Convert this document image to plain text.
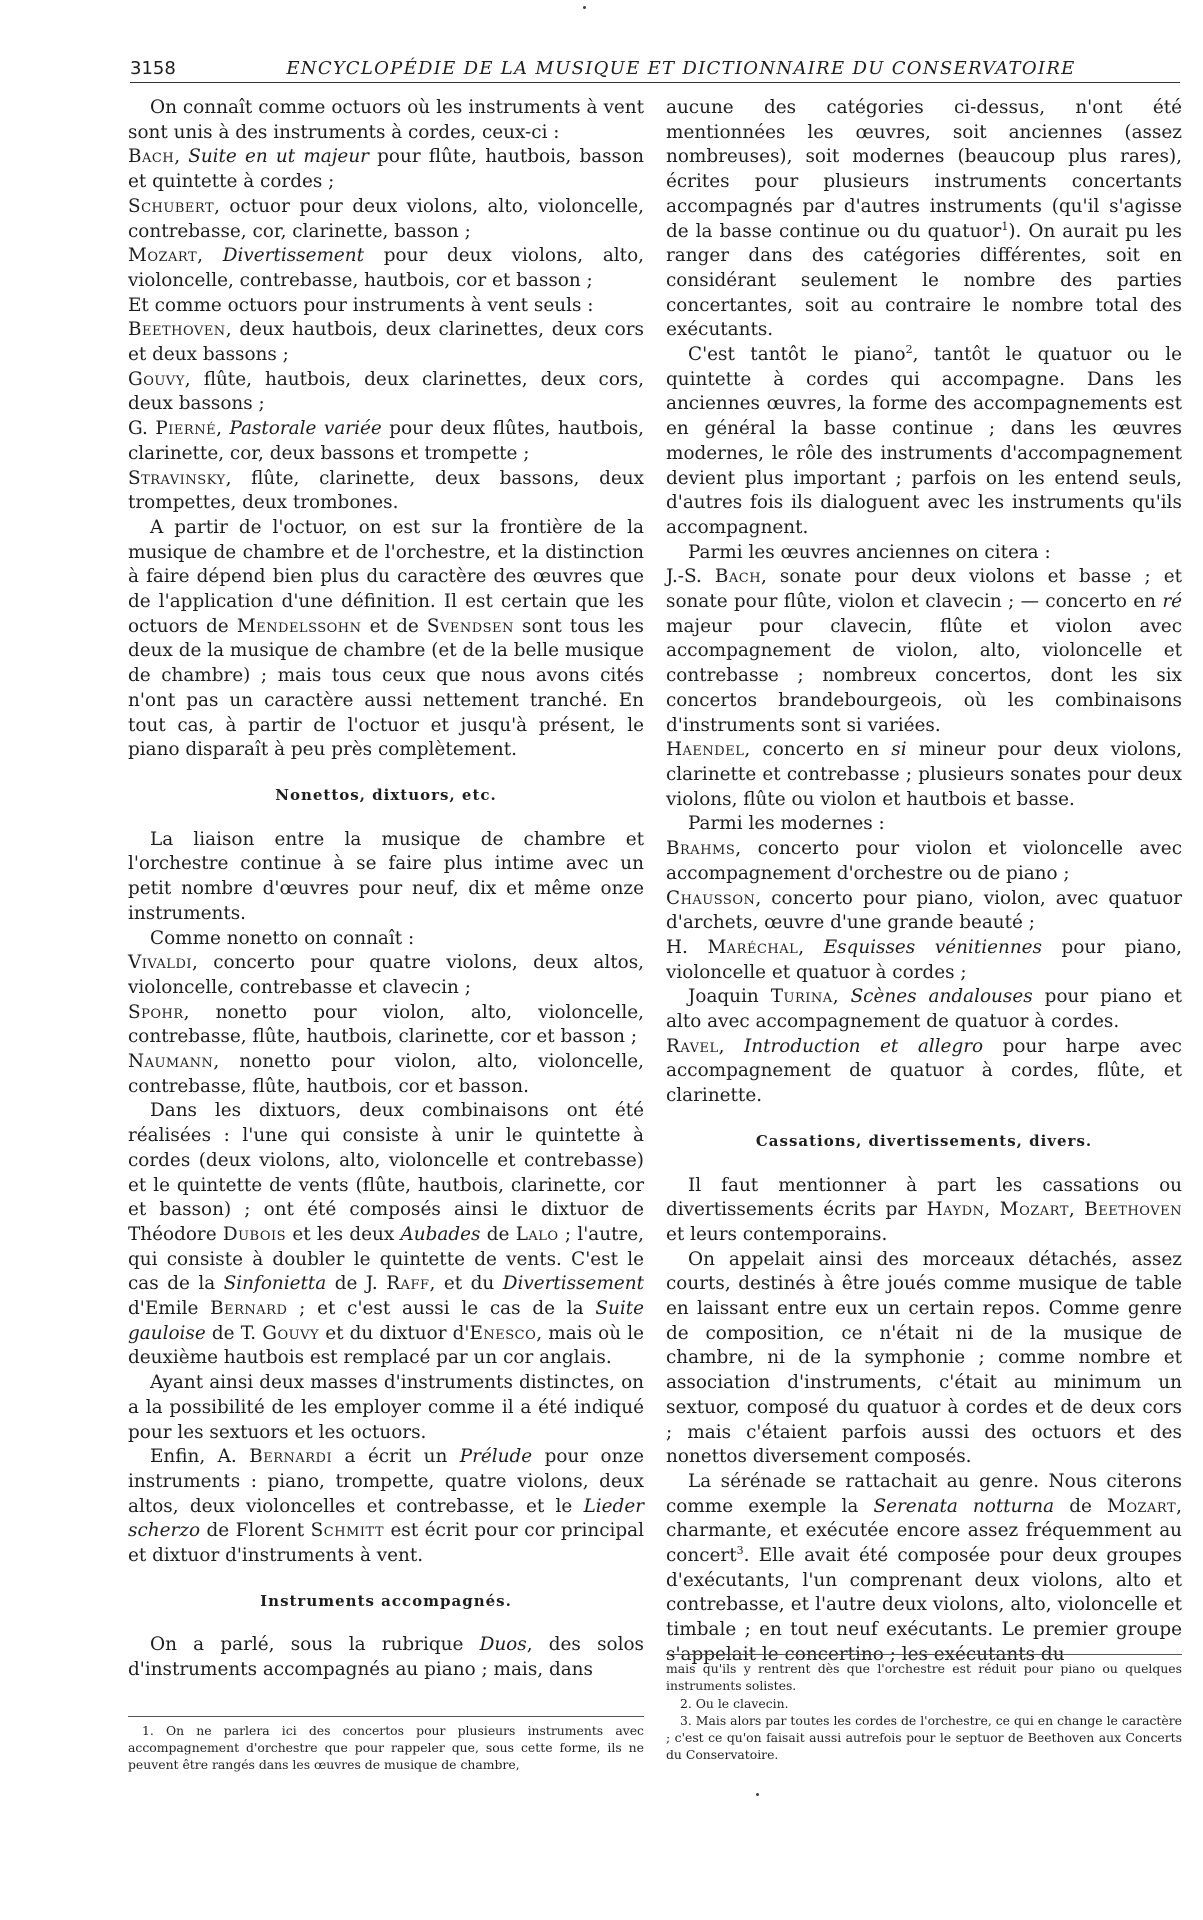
3158	ENCYCLOPÉDIE DE LA MUSIQUE ET DICTIONNAIRE DU CONSERVATOIRE

On connaît comme octuors où les instruments à vent sont unis à des instruments à cordes, ceux-ci :

Bach, Suite en ut majeur pour flûte, hautbois, basson et quintette à cordes ;

Schubert, octuor pour deux violons, alto, violoncelle, contrebasse, cor, clarinette, basson ;

Mozart, Divertissement pour deux violons, alto, violoncelle, contrebasse, hautbois, cor et basson ;

Et comme octuors pour instruments à vent seuls :

Beethoven, deux hautbois, deux clarinettes, deux cors et deux bassons ;

Gouvy, flûte, hautbois, deux clarinettes, deux cors, deux bassons ;

G. Pierné, Pastorale variée pour deux flûtes, hautbois, clarinette, cor, deux bassons et trompette ;

Stravinsky, flûte, clarinette, deux bassons, deux trompettes, deux trombones.

A partir de l'octuor, on est sur la frontière de la musique de chambre et de l'orchestre, et la distinction à faire dépend bien plus du caractère des œuvres que de l'application d'une définition. Il est certain que les octuors de Mendelssohn et de Svendsen sont tous les deux de la musique de chambre (et de la belle musique de chambre) ; mais tous ceux que nous avons cités n'ont pas un caractère aussi nettement tranché. En tout cas, à partir de l'octuor et jusqu'à présent, le piano disparaît à peu près complètement.

Nonettos, dixtuors, etc.

La liaison entre la musique de chambre et l'orchestre continue à se faire plus intime avec un petit nombre d'œuvres pour neuf, dix et même onze instruments.

Comme nonetto on connaît :

Vivaldi, concerto pour quatre violons, deux altos, violoncelle, contrebasse et clavecin ;

Spohr, nonetto pour violon, alto, violoncelle, contrebasse, flûte, hautbois, clarinette, cor et basson ;

Naumann, nonetto pour violon, alto, violoncelle, contrebasse, flûte, hautbois, cor et basson.

Dans les dixtuors, deux combinaisons ont été réalisées : l'une qui consiste à unir le quintette à cordes (deux violons, alto, violoncelle et contrebasse) et le quintette de vents (flûte, hautbois, clarinette, cor et basson) ; ont été composés ainsi le dixtuor de Théodore Dubois et les deux Aubades de Lalo ; l'autre, qui consiste à doubler le quintette de vents. C'est le cas de la Sinfonietta de J. Raff, et du Divertissement d'Emile Bernard ; et c'est aussi le cas de la Suite gauloise de T. Gouvy et du dixtuor d'Enesco, mais où le deuxième hautbois est remplacé par un cor anglais.

Ayant ainsi deux masses d'instruments distinctes, on a la possibilité de les employer comme il a été indiqué pour les sextuors et les octuors.

Enfin, A. Bernardi a écrit un Prélude pour onze instruments : piano, trompette, quatre violons, deux altos, deux violoncelles et contrebasse, et le Lieder scherzo de Florent Schmitt est écrit pour cor principal et dixtuor d'instruments à vent.

Instruments accompagnés.

On a parlé, sous la rubrique Duos, des solos d'instruments accompagnés au piano ; mais, dans

aucune des catégories ci-dessus, n'ont été mentionnées les œuvres, soit anciennes (assez nombreuses), soit modernes (beaucoup plus rares), écrites pour plusieurs instruments concertants accompagnés par d'autres instruments (qu'il s'agisse de la basse continue ou du quatuor$^1$). On aurait pu les ranger dans des catégories différentes, soit en considérant seulement le nombre des parties concertantes, soit au contraire le nombre total des exécutants.

C'est tantôt le piano$^2$, tantôt le quatuor ou le quintette à cordes qui accompagne. Dans les anciennes œuvres, la forme des accompagnements est en général la basse continue ; dans les œuvres modernes, le rôle des instruments d'accompagnement devient plus important ; parfois on les entend seuls, d'autres fois ils dialoguent avec les instruments qu'ils accompagnent.

Parmi les œuvres anciennes on citera :

J.-S. Bach, sonate pour deux violons et basse ; et sonate pour flûte, violon et clavecin ; — concerto en ré majeur pour clavecin, flûte et violon avec accompagnement de violon, alto, violoncelle et contrebasse ; nombreux concertos, dont les six concertos brandebourgeois, où les combinaisons d'instruments sont si variées.

Haendel, concerto en si mineur pour deux violons, clarinette et contrebasse ; plusieurs sonates pour deux violons, flûte ou violon et hautbois et basse.

Parmi les modernes :

Brahms, concerto pour violon et violoncelle avec accompagnement d'orchestre ou de piano ;

Chausson, concerto pour piano, violon, avec quatuor d'archets, œuvre d'une grande beauté ;

H. Maréchal, Esquisses vénitiennes pour piano, violoncelle et quatuor à cordes ;

Joaquin Turina, Scènes andalouses pour piano et alto avec accompagnement de quatuor à cordes.

Ravel, Introduction et allegro pour harpe avec accompagnement de quatuor à cordes, flûte, et clarinette.

Cassations, divertissements, divers.

Il faut mentionner à part les cassations ou divertissements écrits par Haydn, Mozart, Beethoven et leurs contemporains.

On appelait ainsi des morceaux détachés, assez courts, destinés à être joués comme musique de table en laissant entre eux un certain repos. Comme genre de composition, ce n'était ni de la musique de chambre, ni de la symphonie ; comme nombre et association d'instruments, c'était au minimum un sextuor, composé du quatuor à cordes et de deux cors ; mais c'étaient parfois aussi des octuors et des nonettos diversement composés.

La sérénade se rattachait au genre. Nous citerons comme exemple la Serenata notturna de Mozart, charmante, et exécutée encore assez fréquemment au concert$^3$. Elle avait été composée pour deux groupes d'exécutants, l'un comprenant deux violons, alto et contrebasse, et l'autre deux violons, alto, violoncelle et timbale ; en tout neuf exécutants. Le premier groupe s'appelait le concertino ; les exécutants du

1. On ne parlera ici des concertos pour plusieurs instruments avec accompagnement d'orchestre que pour rappeler que, sous cette forme, ils ne peuvent être rangés dans les œuvres de musique de chambre,

mais qu'ils y rentrent dès que l'orchestre est réduit pour piano ou quelques instruments solistes.

2. Ou le clavecin.

3. Mais alors par toutes les cordes de l'orchestre, ce qui en change le caractère ; c'est ce qu'on faisait aussi autrefois pour le septuor de Beethoven aux Concerts du Conservatoire.
